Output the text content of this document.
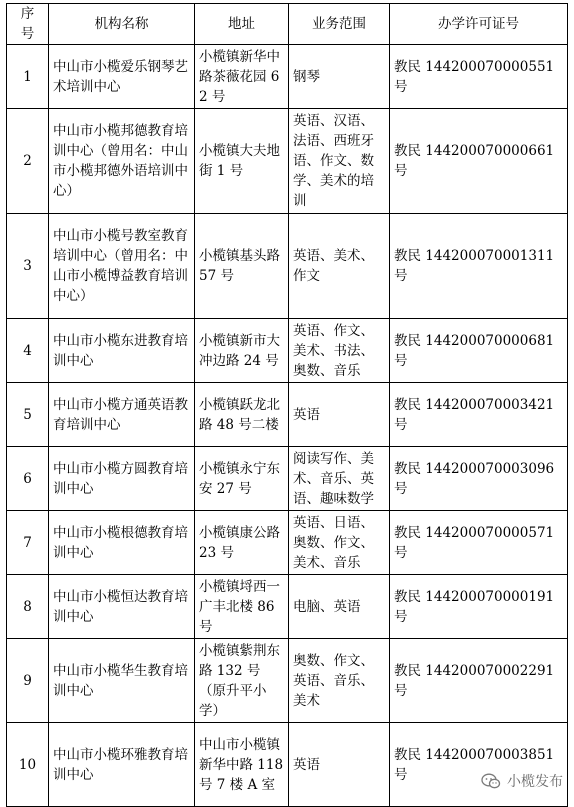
序号	机构名称	地址	业务范围	办学许可证号
1	中山市小榄爱乐钢琴艺术培训中心	小榄镇新华中路茶薇花园 62 号	钢琴	教民 144200070000551 号
2	中山市小榄邦德教育培训中心（曾用名：中山市小榄邦德外语培训中心）	小榄镇大夫地街 1 号	英语、汉语、法语、西班牙语、作文、数学、美术的培训	教民 144200070000661 号
3	中山市小榄号教室教育培训中心（曾用名：中山市小榄博益教育培训中心）	小榄镇基头路 57 号	英语、美术、作文	教民 144200070001311 号
4	中山市小榄东进教育培训中心	小榄镇新市大冲边路 24 号	英语、作文、美术、书法、奥数、音乐	教民 144200070000681 号
5	中山市小榄方通英语教育培训中心	小榄镇跃龙北路 48 号二楼	英语	教民 144200070003421 号
6	中山市小榄方圆教育培训中心	小榄镇永宁东安 27 号	阅读写作、美术、音乐、英语、趣味数学	教民 144200070003096 号
7	中山市小榄根德教育培训中心	小榄镇康公路 23 号	英语、日语、奥数、作文、美术、音乐	教民 144200070000571 号
8	中山市小榄恒达教育培训中心	小榄镇埒西一广丰北楼 86 号	电脑、英语	教民 144200070000191 号
9	中山市小榄华生教育培训中心	小榄镇紫荆东路 132 号（原升平小学）	奥数、作文、英语、音乐、美术	教民 144200070002291 号
10	中山市小榄环雅教育培训中心	中山市小榄镇新华中路 118 号 7 楼 A 室	英语	教民 144200070003851 号	小榄发布
